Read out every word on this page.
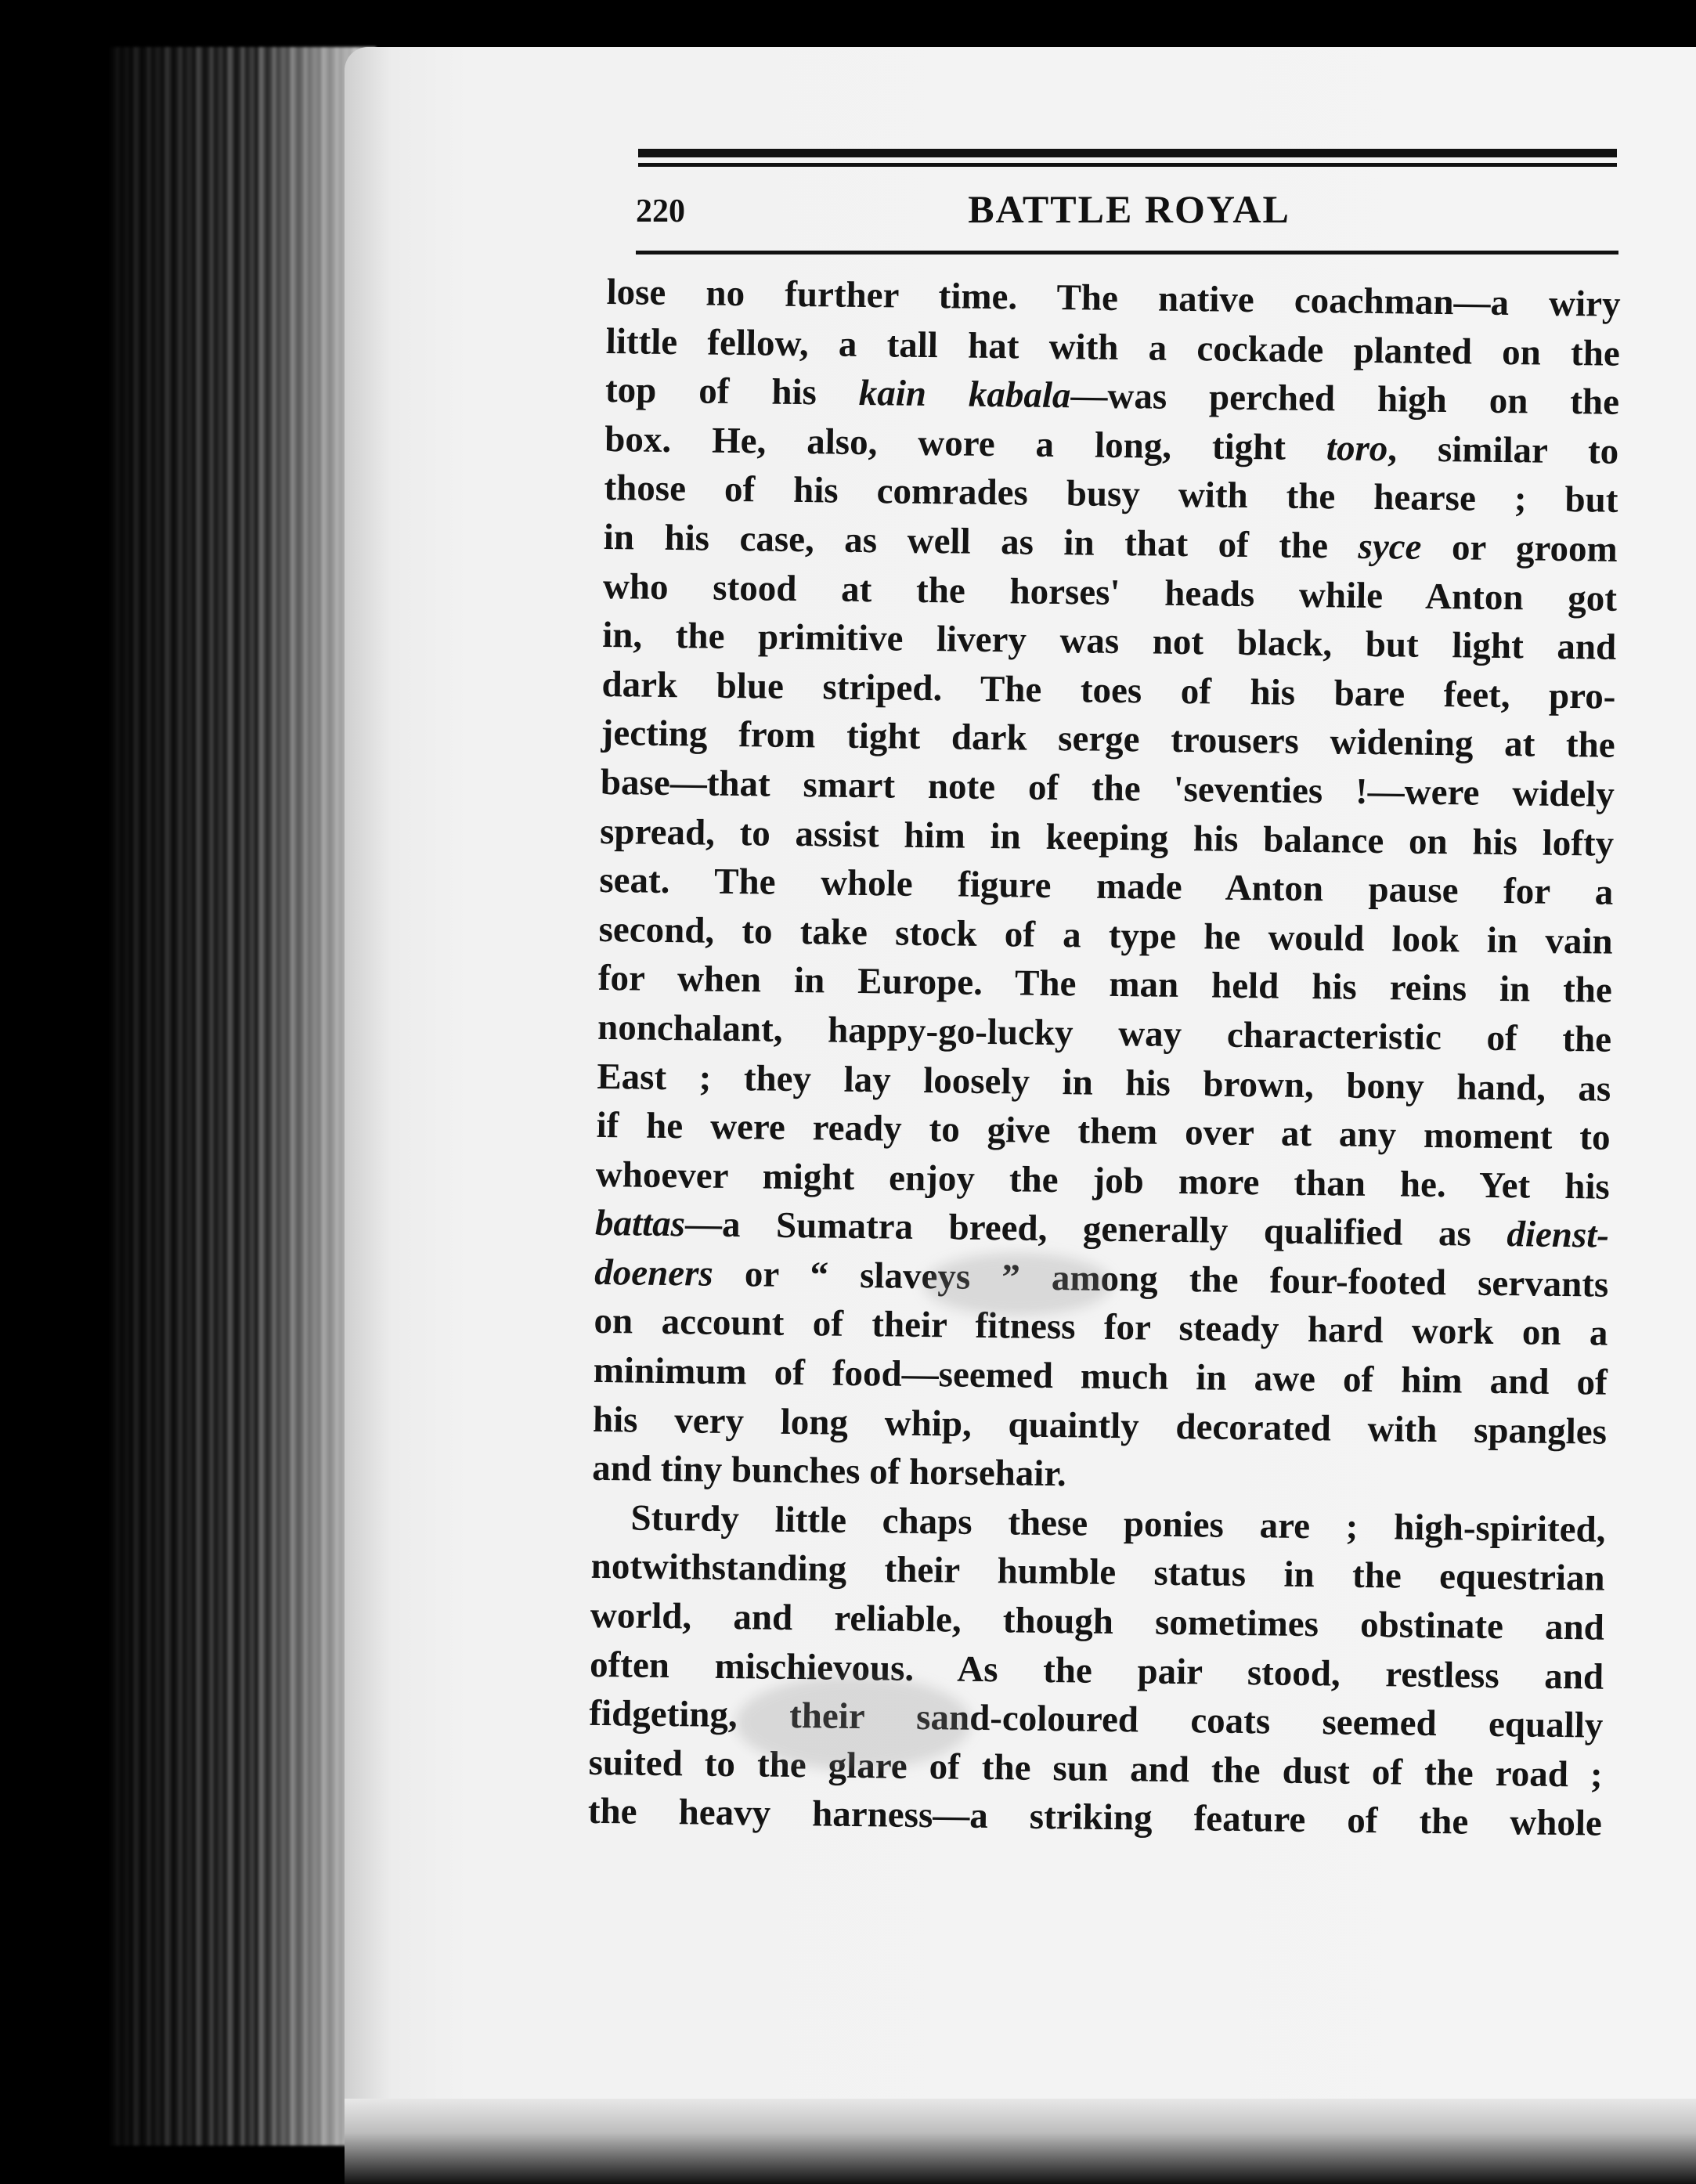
220	BATTLE ROYAL
lose no further time. The native coachman—a wiry
little fellow, a tall hat with a cockade planted on the
top of his kain kabala—was perched high on the
box. He, also, wore a long, tight toro, similar to
those of his comrades busy with the hearse ; but
in his case, as well as in that of the syce or groom
who stood at the horses' heads while Anton got
in, the primitive livery was not black, but light and
dark blue striped. The toes of his bare feet, pro-
jecting from tight dark serge trousers widening at the
base—that smart note of the 'seventies !—were widely
spread, to assist him in keeping his balance on his lofty
seat. The whole figure made Anton pause for a
second, to take stock of a type he would look in vain
for when in Europe. The man held his reins in the
nonchalant, happy-go-lucky way characteristic of the
East ; they lay loosely in his brown, bony hand, as
if he were ready to give them over at any moment to
whoever might enjoy the job more than he. Yet his
battas—a Sumatra breed, generally qualified as dienst-
doeners or “ slaveys ” among the four-footed servants
on account of their fitness for steady hard work on a
minimum of food—seemed much in awe of him and of
his very long whip, quaintly decorated with spangles
and tiny bunches of horsehair.
Sturdy little chaps these ponies are ; high-spirited,
notwithstanding their humble status in the equestrian
world, and reliable, though sometimes obstinate and
often mischievous. As the pair stood, restless and
fidgeting, their sand-coloured coats seemed equally
suited to the glare of the sun and the dust of the road ;
the heavy harness—a striking feature of the whole
